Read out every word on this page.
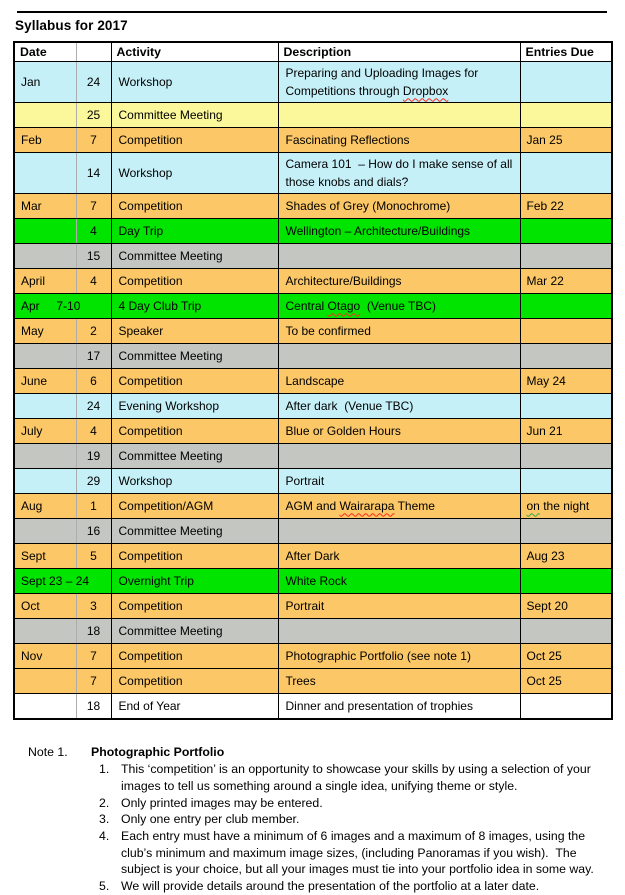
Syllabus for 2017
Date		Activity	Description	Entries Due
Jan	24	Workshop	Preparing and Uploading Images for Competitions through Dropbox	
	25	Committee Meeting		
Feb	7	Competition	Fascinating Reflections	Jan 25
	14	Workshop	Camera 101  – How do I make sense of all those knobs and dials?	
Mar	7	Competition	Shades of Grey (Monochrome)	Feb 22
	4	Day Trip	Wellington – Architecture/Buildings	
	15	Committee Meeting		
April	4	Competition	Architecture/Buildings	Mar 22
Apr     7-10		4 Day Club Trip	Central Otago  (Venue TBC)	
May	2	Speaker	To be confirmed	
	17	Committee Meeting		
June	6	Competition	Landscape	May 24
	24	Evening Workshop	After dark  (Venue TBC)	
July	4	Competition	Blue or Golden Hours	Jun 21
	19	Committee Meeting		
	29	Workshop	Portrait	
Aug	1	Competition/AGM	AGM and Wairarapa Theme	on the night
	16	Committee Meeting		
Sept	5	Competition	After Dark	Aug 23
Sept 23 – 24		Overnight Trip	White Rock	
Oct	3	Competition	Portrait	Sept 20
	18	Committee Meeting		
Nov	7	Competition	Photographic Portfolio (see note 1)	Oct 25
	7	Competition	Trees	Oct 25
	18	End of Year	Dinner and presentation of trophies	
Note 1.	Photographic Portfolio
1. This ‘competition’ is an opportunity to showcase your skills by using a selection of your images to tell us something around a single idea, unifying theme or style.
2. Only printed images may be entered.
3. Only one entry per club member.
4. Each entry must have a minimum of 6 images and a maximum of 8 images, using the club’s minimum and maximum image sizes, (including Panoramas if you wish).  The subject is your choice, but all your images must tie into your portfolio idea in some way.
5. We will provide details around the presentation of the portfolio at a later date.
